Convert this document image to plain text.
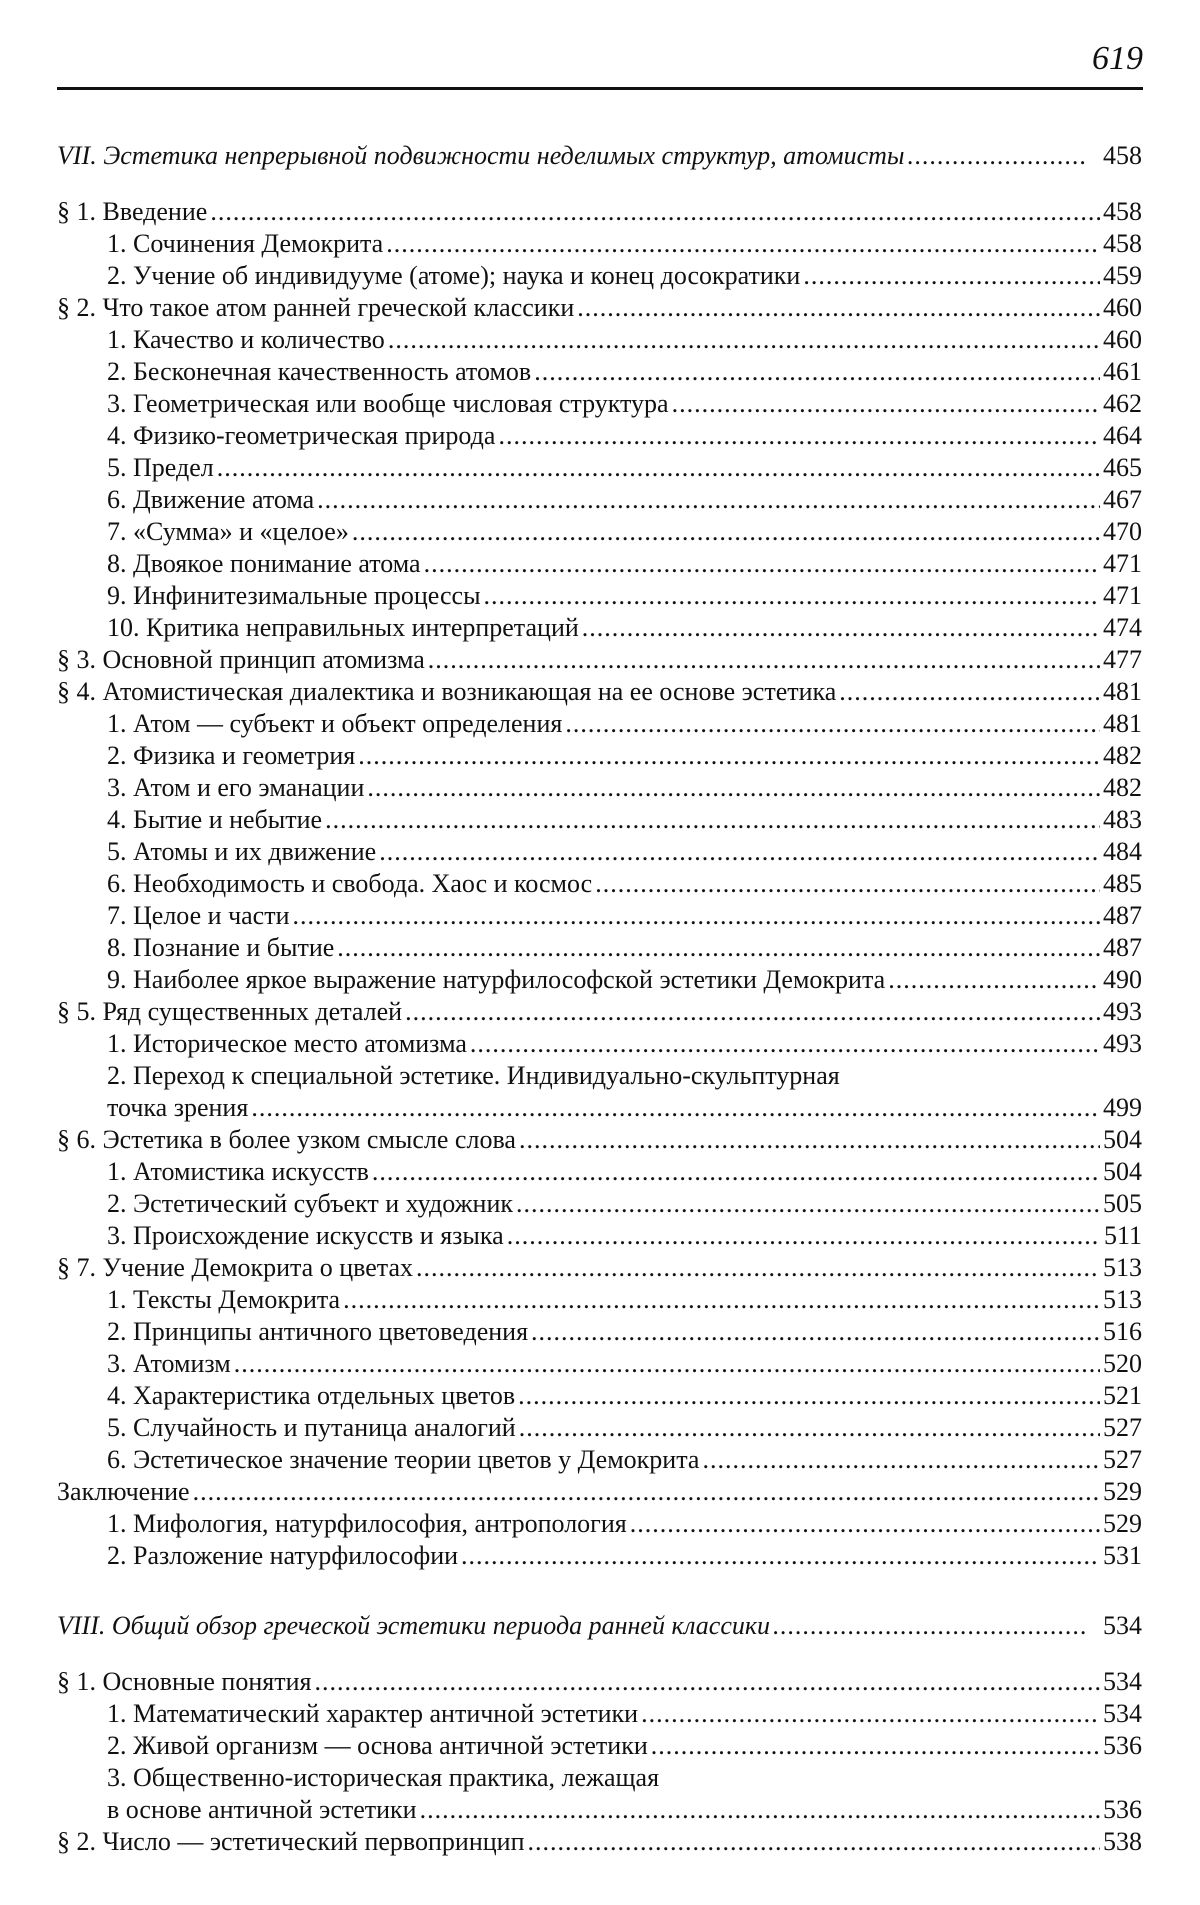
619
VII. Эстетика непрерывной подвижности неделимых структур, атомисты .....	458
§ 1. Введение .....	458
1. Сочинения Демокрита .....	458
2. Учение об индивидууме (атоме); наука и конец досократики .....	459
§ 2. Что такое атом ранней греческой классики .....	460
1. Качество и количество .....	460
2. Бесконечная качественность атомов .....	461
3. Геометрическая или вообще числовая структура .....	462
4. Физико-геометрическая природа .....	464
5. Предел .....	465
6. Движение атома .....	467
7. «Сумма» и «целое» .....	470
8. Двоякое понимание атома .....	471
9. Инфинитезимальные процессы .....	471
10. Критика неправильных интерпретаций .....	474
§ 3. Основной принцип атомизма .....	477
§ 4. Атомистическая диалектика и возникающая на ее основе эстетика .....	481
1. Атом — субъект и объект определения .....	481
2. Физика и геометрия .....	482
3. Атом и его эманации .....	482
4. Бытие и небытие .....	483
5. Атомы и их движение .....	484
6. Необходимость и свобода. Хаос и космос .....	485
7. Целое и части .....	487
8. Познание и бытие .....	487
9. Наиболее яркое выражение натурфилософской эстетики Демокрита .....	490
§ 5. Ряд существенных деталей .....	493
1. Историческое место атомизма .....	493
2. Переход к специальной эстетике. Индивидуально-скульптурная
точка зрения .....	499
§ 6. Эстетика в более узком смысле слова .....	504
1. Атомистика искусств .....	504
2. Эстетический субъект и художник .....	505
3. Происхождение искусств и языка .....	511
§ 7. Учение Демокрита о цветах .....	513
1. Тексты Демокрита .....	513
2. Принципы античного цветоведения .....	516
3. Атомизм .....	520
4. Характеристика отдельных цветов .....	521
5. Случайность и путаница аналогий .....	527
6. Эстетическое значение теории цветов у Демокрита .....	527
Заключение .....	529
1. Мифология, натурфилософия, антропология .....	529
2. Разложение натурфилософии .....	531
VIII. Общий обзор греческой эстетики периода ранней классики .....	534
§ 1. Основные понятия .....	534
1. Математический характер античной эстетики .....	534
2. Живой организм — основа античной эстетики .....	536
3. Общественно-историческая практика, лежащая
в основе античной эстетики .....	536
§ 2. Число — эстетический первопринцип .....	538
